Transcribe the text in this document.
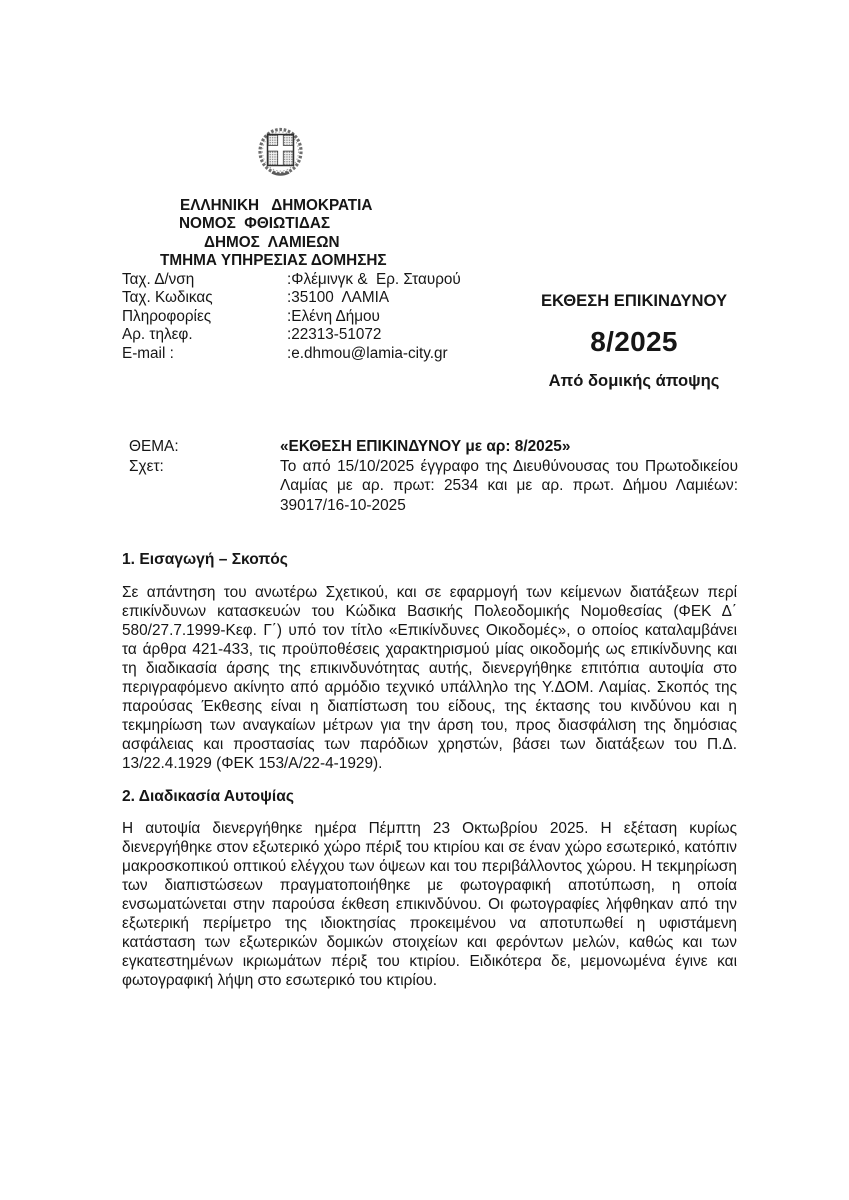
ΕΛΛΗΝΙΚΗ   ΔΗΜΟΚΡΑΤΙΑ
ΝΟΜΟΣ  ΦΘΙΩΤΙΔΑΣ
ΔΗΜΟΣ  ΛΑΜΙΕΩΝ
ΤΜΗΜΑ ΥΠΗΡΕΣΙΑΣ ΔΟΜΗΣΗΣ
Ταχ. Δ/νση	:Φλέμινγκ &  Ερ. Σταυρού
Ταχ. Κωδικας	:35100  ΛΑΜΙΑ
Πληροφορίες	:Ελένη Δήμου
Αρ. τηλεφ.	:22313-51072
E-mail :	:e.dhmou@lamia-city.gr
ΕΚΘΕΣΗ ΕΠΙΚΙΝΔΥΝΟΥ
8/2025
Από δομικής άποψης
ΘΕΜΑ:	«ΕΚΘΕΣΗ ΕΠΙΚΙΝΔΥΝΟΥ με αρ: 8/2025»
Σχετ:	Το από 15/10/2025 έγγραφο της Διευθύνουσας του Πρωτοδικείου Λαμίας με αρ. πρωτ: 2534 και με αρ. πρωτ. Δήμου Λαμιέων: 39017/16-10-2025
1. Εισαγωγή – Σκοπός

Σε απάντηση του ανωτέρω Σχετικού, και σε εφαρμογή των κείμενων διατάξεων περί επικίνδυνων κατασκευών του Κώδικα Βασικής Πολεοδομικής Νομοθεσίας (ΦΕΚ Δ΄ 580/27.7.1999-Κεφ. Γ΄) υπό τον τίτλο «Επικίνδυνες Οικοδομές», ο οποίος καταλαμβάνει τα άρθρα 421-433, τις προϋποθέσεις χαρακτηρισμού μίας οικοδομής ως επικίνδυνης και τη διαδικασία άρσης της επικινδυνότητας αυτής, διενεργήθηκε επιτόπια αυτοψία στο περιγραφόμενο ακίνητο από αρμόδιο τεχνικό υπάλληλο της Υ.ΔΟΜ. Λαμίας. Σκοπός της παρούσας Έκθεσης είναι η διαπίστωση του είδους, της έκτασης του κινδύνου και η τεκμηρίωση των αναγκαίων μέτρων για την άρση του, προς διασφάλιση της δημόσιας ασφάλειας και προστασίας των παρόδιων χρηστών, βάσει των διατάξεων του Π.Δ. 13/22.4.1929 (ΦΕΚ 153/Α/22-4-1929).

2. Διαδικασία Αυτοψίας

Η αυτοψία διενεργήθηκε ημέρα Πέμπτη 23 Οκτωβρίου 2025. Η εξέταση κυρίως διενεργήθηκε στον εξωτερικό χώρο πέριξ του κτιρίου και σε έναν χώρο εσωτερικό, κατόπιν μακροσκοπικού οπτικού ελέγχου των όψεων και του περιβάλλοντος χώρου. Η τεκμηρίωση των διαπιστώσεων πραγματοποιήθηκε με φωτογραφική αποτύπωση, η οποία ενσωματώνεται στην παρούσα έκθεση επικινδύνου. Οι φωτογραφίες λήφθηκαν από την εξωτερική περίμετρο της ιδιοκτησίας προκειμένου να αποτυπωθεί η υφιστάμενη κατάσταση των εξωτερικών δομικών στοιχείων και φερόντων μελών, καθώς και των εγκατεστημένων ικριωμάτων πέριξ του κτιρίου. Ειδικότερα δε, μεμονωμένα έγινε και φωτογραφική λήψη στο εσωτερικό του κτιρίου.
